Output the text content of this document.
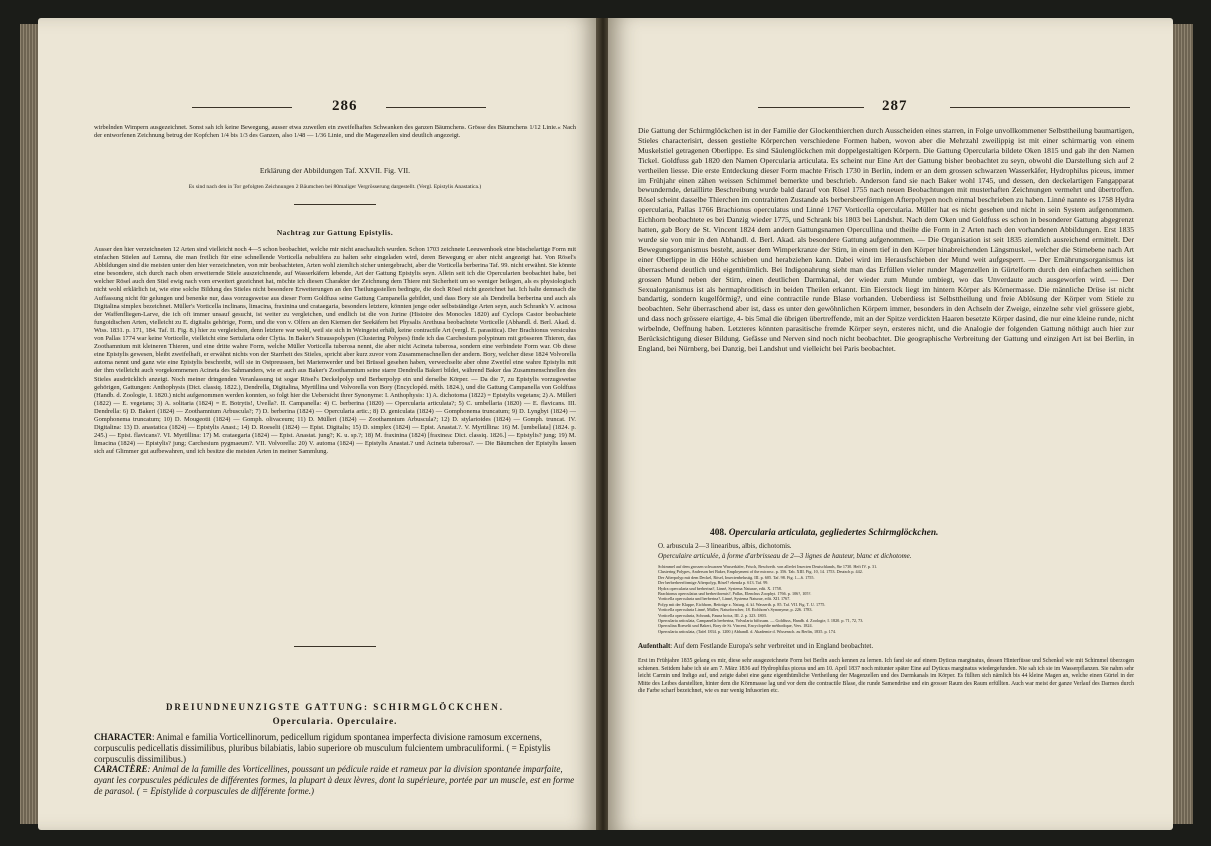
286
wirbelnden Wimpern ausgezeichnet. Sonst sah ich keine Bewegung, ausser etwa zuweilen ein zweifelhaftes Schwanken des ganzen Bäumchens. Grösse des Bäumchens 1/12 Linie.« Nach der entworfenen Zeichnung betrug der Kopfchen 1/4 bis 1/3 des Ganzen, also 1/48 — 1/36 Linie, und die Magenzellen sind deutlich angezeigt.
Erklärung der Abbildungen Taf. XXVII. Fig. VII.
Es sind nach den in Tor gefolgten Zeichnungen 2 Bäumchen bei 80maliger Vergrösserung dargestellt. (Vergl. Epistylis Anastatica.)
Nachtrag zur Gattung Epistylis.
Ausser den hier verzeichneten 12 Arten sind vielleicht noch 4—5 schon beobachtet, welche mir nicht anschaulich wurden. Schon 1703 zeichnete Leeuwenhoek eine büschelartige Form mit einfachen Stielen auf Lemna, die man freilich für eine schnellende Vorticella nebulifera zu halten sehr eingeladen wird, deren Bewegung er aber nicht angezeigt hat. Von Rösel's Abbildungen sind die meisten unter den hier verzeichneten, von mir beobachteten, Arten wohl ziemlich sicher untergebracht, aber die Vorticella berberina Taf. 99. nicht erwähnt. Sie könnte eine besondere, sich durch nach oben erweiternde Stiele auszeichnende, auf Wasserkäfern lebende, Art der Gattung Epistylis seyn. Allein seit ich die Opercularien beobachtet habe, bei welcher Rösel auch den Stiel ewig nach vorn erweitert gezeichnet hat, möchte ich diesen Charakter der Zeichnung dem Thiere mit Sicherheit um so weniger beilegen, als es physiologisch nicht wohl erklärlich ist, wie eine solche Bildung des Stieles nicht besondere Erweiterungen an den Theilungsstellen bedingte, die doch Rösel nicht gezeichnet hat. Ich halte demnach die Auffassung nicht für gelungen und benenke nur, dass vorzugsweise aus dieser Form Goldfuss seine Gattung Campanella gebildet, und dass Bory sie als Dendrella berberina und auch als Digitalina simplex bezeichnet. Müller's Vorticella inclinans, limacina, fraxinina und crataegaria, besonders letztere, könnten jenge oder selbstständige Arten seyn, auch Schrank's V. acinosa der Waffenfliegen-Larve, die ich oft immer unsauf gesucht, ist weiter zu vergleichen, und endlich ist die von Jurine (Histoire des Monocles 1820) auf Cyclops Castor beobachtete fungoidischen Arten, vielleicht zu E. digitalis gehörige, Form, und die von v. Olfers an den Kiemen der Seekäfern bei Physalis Arethusa beobachtete Vorticelle (Abhandl. d. Berl. Akad. d. Wiss. 1831. p. 171, 184. Taf. II. Fig. 8.) hier zu vergleichen, denn letztere war wohl, weil sie sich in Weingeist erhält, keine contractile Art (vergl. E. parasitica). Der Brachionus versiculus von Pallas 1774 war keine Vorticelle, vielleicht eine Sertularia oder Clytia. In Baker's Strausspolypen (Clustering Polypes) finde ich das Carchesium polypinum mit grösseren Thieren, das Zoothamnium mit kleineren Thieren, und eine dritte wahre Form, welche Müller Vorticella tuberosa nennt, die aber nicht Acineta tuberosa, sondern eine verbindete Form war. Ob diese eine Epistylis gewesen, bleibt zweifelhaft, er erwähnt nichts von der Starrheit des Stieles, spricht aber kurz zuvor vom Zusammenschnellen der andern. Bory, welcher diese 1824 Volvorella automa nennt und ganz wie eine Epistylis beschreibt, will sie in Ostpreussen, bei Marienwerder und bei Brüssel gesehen haben, verwechselte aber ohne Zweifel eine wahre Epistylis mit der ihm vielleicht auch vorgekommenen Acineta des Sahmanders, wie er auch aus Baker's Zoothamnium seine starre Dendrella Bakeri bildet, während Baker das Zusammenschnellen des Stieles ausdrücklich anzeigt. Noch meiner dringenden Veranlassung ist sogar Rösel's Deckelpolyp und Berberpolyp ein und derselbe Körper. — Da die 7, zu Epistylis vorzugsweise gehörigen, Gattungen: Anthophysis (Dict. classiq. 1822.), Dendrella, Digitalina, Myrtillina und Volvorella von Bory (Encyclopéd. méth. 1824.), und die Gattung Campanella von Goldfuss (Handb. d. Zoologie, I. 1820.) nicht aufgenommen werden konnten, so folgt hier die Uebersicht ihrer Synonyme: I. Anthophysis: 1) A. dichotoma (1822) = Epistylis vegetans; 2) A. Mülleri (1822) — E. vegetans; 3) A. solitaria (1824) = E. Botrytis!, Uvella?. II. Campanella: 4) C. berberina (1820) — Opercularia articulata?; 5) C. umbellaria (1820) — E. flavicans. III. Dendrella: 6) D. Bakeri (1824) — Zoothamnium Arbuscula?; 7) D. berberina (1824) — Opercularia artic.; 8) D. geniculata (1824) — Gomphonema truncatum; 9) D. Lyngbyi (1824) — Gomphonema truncatum; 10) D. Mougeotii (1824) — Gomph. olivaceum; 11) D. Mülleri (1824) — Zoothamnium Arbuscula?; 12) D. stylarioides (1824) — Gomph. truncat. IV. Digitalina: 13) D. anastatica (1824) — Epistylis Anast.; 14) D. Roeselii (1824) — Epist. Digitalis; 15) D. simplex (1824) — Epist. Anastat.?. V. Myrtillina: 16) M. [umbellata] (1824. p. 245.) — Epist. flavicans?. VI. Myrtillina: 17) M. crataegaria (1824) — Epist. Anastat. jung?; K. u. sp.?; 18) M. fraxinina (1824) [fraxinea: Dict. classiq. 1826.] — Epistylis? jung; 19) M. limacina (1824) — Epistylis? jung; Carchesium pygmaeum?. VII. Volvorella: 20) V. automa (1824) — Epistylis Anastat.? und Acineta tuberosa?. — Die Bäumchen der Epistylis lassen sich auf Glimmer gut aufbewahren, und ich besitze die meisten Arten in meiner Sammlung.
DREIUNDNEUNZIGSTE GATTUNG: SCHIRMGLÖCKCHEN.
Opercularia. Operculaire.
CHARACTER: Animal e familia Vorticellinorum, pedicellum rigidum spontanea imperfecta divisione ramosum excernens, corpusculis pedicellatis dissimilibus, pluribus bilabiatis, labio superiore ob musculum fulcientem umbraculiformi. ( = Epistylis corpusculis dissimilibus.)
CARACTÈRE: Animal de la famille des Vorticellines, poussant un pédicule raide et rameux par la division spontanée imparfaite, ayant les corpuscules pédicules de différentes formes, la plupart à deux lèvres, dont la supérieure, portée par un muscle, est en forme de parasol. ( = Epistylide à corpuscules de différente forme.)
287
Die Gattung der Schirmglöckchen ist in der Familie der Glockenthierchen durch Ausscheiden eines starren, in Folge unvollkommener Selbsttheilung baumartigen, Stieles characterisirt, dessen gestielte Körperchen verschiedene Formen haben, wovon aber die Mehrzahl zweilippig ist mit einer schirmartig von einem Muskelstiel getragenen Oberlippe. Es sind Säulenglöckchen mit doppelgestaltigen Körpern. Die Gattung Opercularia bildete Oken 1815 und gab ihr den Namen Tickel. Goldfuss gab 1820 den Namen Opercularia articulata. Es scheint nur Eine Art der Gattung bisher beobachtet zu seyn, obwohl die Darstellung sich auf 2 vertheilen liesse. Die erste Entdeckung dieser Form machte Frisch 1730 in Berlin, indem er an dem grossen schwarzen Wasserkäfer, Hydrophilus piceus, immer im Frühjahr einen zähen weissen Schimmel bemerkte und beschrieb. Anderson fand sie nach Baker wohl 1745, und dessen, den deckelartigen Fangapparat bewundernde, detaillirte Beschreibung wurde bald darauf von Rösel 1755 nach neuen Beobachtungen mit musterhaften Zeichnungen vermehrt und übertroffen. Rösel scheint dasselbe Thierchen im contrahirten Zustande als berbersbeerförmigen Afterpolypen noch einmal beschrieben zu haben. Linné nannte es 1758 Hydra opercularia, Pallas 1766 Brachionus operculatus und Linné 1767 Vorticella opercularia. Müller hat es nicht gesehen und nicht in sein System aufgenommen. Eichhorn beobachtete es bei Danzig wieder 1775, und Schrank bis 1803 bei Landshut. Nach dem Oken und Goldfuss es schon in besonderer Gattung abgegrenzt hatten, gab Bory de St. Vincent 1824 dem andern Gattungsnamen Opercullina und theilte die Form in 2 Arten nach den vorhandenen Abbildungen. Erst 1835 wurde sie von mir in den Abhandl. d. Berl. Akad. als besondere Gattung aufgenommen. — Die Organisation ist seit 1835 ziemlich ausreichend ermittelt. Der Bewegungsorganismus besteht, ausser dem Wimperkranze der Stirn, in einem tief in den Körper hinabreichenden Längsmuskel, welcher die Stirnebene nach Art einer Oberlippe in die Höhe schieben und herabziehen kann. Dabei wird im Herausfschieben der Mund weit aufgesperrt. — Der Ernährungsorganismus ist überraschend deutlich und eigenthümlich. Bei Indigonahrung sieht man das Erfüllen vieler runder Magenzellen in Gürtelform durch den einfachen seitlichen grossen Mund neben der Stirn, einen deutlichen Darmkanal, der wieder zum Munde umbiegt, wo das Unverdaute auch ausgeworfen wird. — Der Sexualorganismus ist als hermaphroditisch in beiden Theilen erkannt. Ein Eierstock liegt im hintern Körper als Körnermasse. Die männliche Drüse ist nicht bandartig, sondern kugelförmig?, und eine contractile runde Blase vorhanden. Ueberdiess ist Selbsttheilung und freie Ablösung der Körper vom Stiele zu beobachten. Sehr überraschend aber ist, dass es unter den gewöhnlichen Körpern immer, besonders in den Achseln der Zweige, einzelne sehr viel grössere giebt, und dass noch grössere eiartige, 4- bis 5mal die übrigen übertreffende, mit an der Spitze verdickten Haaren besetzte Körper dasind, die nur eine kleine runde, nicht wirbelnde, Oeffnung haben. Letzteres könnten parasitische fremde Körper seyn, ersteres nicht, und die Analogie der folgenden Gattung nöthigt auch hier zur Berücksichtigung dieser Bildung. Gefässe und Nerven sind noch nicht beobachtet. Die geographische Verbreitung der Gattung und einzigen Art ist bei Berlin, in England, bei Nürnberg, bei Danzig, bei Landshut und vielleicht bei Paris beobachtet.
408. Opercularia articulata, gegliedertes Schirmglöckchen.
O. arbuscula 2—3 linearibus, albis, dichotomis.
Operculaire articulée, à forme d'arbrisseau de 2—3 lignes de hauteur, blanc et dichotome.
Schimmel auf dem grossen schwarzen Wasserkäfer, Frisch, Beschreib. von allerlei Insecten Deutschlands, 8te 1730. Heft IV. p. 31.
Clustering Polypes, Anderson bei Baker, Employment of the microsc. p. 356. Tab. XIII. Fig. 10, 14. 1753. Deutsch p. 442.
Der Afterpolyp mit dem Deckel, Rösel, Insectenbelustig. III. p. 605. Taf. 98. Fig. 1—6. 1755.
Der berberbeerförmige Afterpolyp, Rösel? ebenda p. 613. Taf. 99.
Hydra opercularia und berberina?, Linné, Systema Naturae, edit. X. 1758.
Brachionus operculatus und berberiformis?, Pallas, Elenchus Zoophyt. 1766. p. 106?, 105?.
Vorticella opercularia und berberina?, Linné, Systema Naturae, edit. XII. 1767.
Polyp mit der Klappe, Eichhorn, Beiträge z. Naturg. d. kl. Wassertb. p. 85. Taf. VII. Fig. T. U. 1775.
Vorticella opercularia Linné, Müller, Naturforscher, 18. Eichhorn's Synonyme, p. 226. 1783.
Vorticella opercularia, Schrank, Fauna boica, III. 2. p. 323. 1803.
Opercularia articulata, Campanella berberina, Volvularia bifissum. — Goldfuss, Handb. d. Zoologie, I. 1820. p. 71, 72, 73.
Operculina Roeselii und Bakeri, Bory de St. Vincent, Encyclopédie méthodique, Vers. 1824.
Opercularia articulata, (Tafel 1834. p. 1200.) Abhandl. d. Akademie d. Wissensch. zu Berlin, 1835. p. 174.
Aufenthalt: Auf dem Festlande Europa's sehr verbreitet und in England beobachtet.
Erst im Frühjahre 1835 gelang es mir, diese sehr ausgezeichnete Form bei Berlin auch kennen zu lernen. Ich fand sie auf einem Dyticus marginatus, dessen Hinterfüsse und Schenkel wie mit Schimmel überzogen schienen. Seitdem habe ich sie am 7. März 1836 auf Hydrophilus piceus und am 10. April 1837 noch mitunter später Eine auf Dyticus marginatus wiedergefunden. Nie sah ich sie im Wasserpflanzen. Sie nahm sehr leicht Carmin und Indigo auf, und zeigte dabei eine ganz eigenthümliche Vertheilung der Magenzellen und des Darmkanals im Körper. Es füllten sich nämlich bis 44 kleine Magen an, welche einen Gürtel in der Mitte des Leibes darstellten, hinter dem die Körnmasse lag und vor dem die contractile Blase, die runde Samendrüse und ein grosser Raum des Raum erfüllten. Auch war meist der ganze Verlauf des Darmes durch die Farbe scharf bezeichnet, wie es nur wenig Infusorien etc.
